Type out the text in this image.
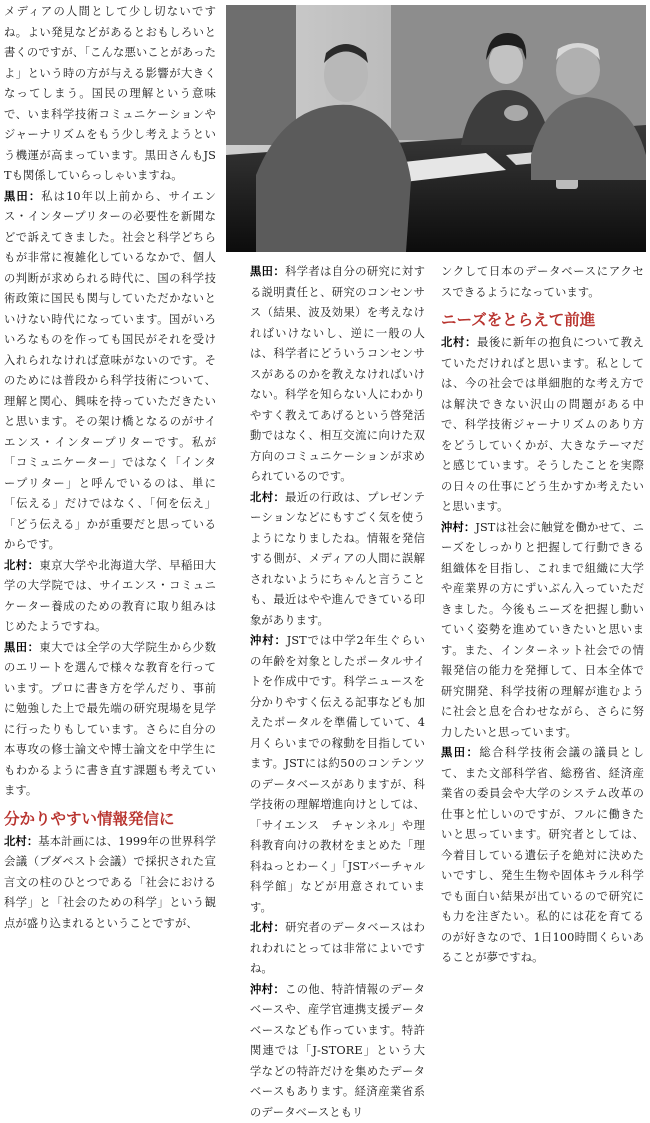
メディアの人間として少し切ないですね。よい発見などがあるとおもしろいと書くのですが、「こんな悪いことがあったよ」という時の方が与える影響が大きくなってしまう。国民の理解という意味で、いま科学技術コミュニケーションやジャーナリズムをもう少し考えようという機運が高まっています。黒田さんもJSTも関係していらっしゃいますね。

黒田：私は10年以上前から、サイエンス・インタープリターの必要性を新聞などで訴えてきました。社会と科学どちらもが非常に複雑化しているなかで、個人の判断が求められる時代に、国の科学技術政策に国民も関与していただかないといけない時代になっています。国がいろいろなものを作っても国民がそれを受け入れられなければ意味がないのです。そのためには普段から科学技術について、理解と関心、興味を持っていただきたいと思います。その架け橋となるのがサイエンス・インタープリターです。私が「コミュニケーター」ではなく「インタープリター」と呼んでいるのは、単に「伝える」だけではなく、「何を伝え」「どう伝える」かが重要だと思っているからです。

北村：東京大学や北海道大学、早稲田大学の大学院では、サイエンス・コミュニケーター養成のための教育に取り組みはじめたようですね。

黒田：東大では全学の大学院生から少数のエリートを選んで様々な教育を行っています。プロに書き方を学んだり、事前に勉強した上で最先端の研究現場を見学に行ったりもしています。さらに自分の本専攻の修士論文や博士論文を中学生にもわかるように書き直す課題も考えています。

分かりやすい情報発信に

北村：基本計画には、1999年の世界科学会議（ブダペスト会議）で採択された宣言文の柱のひとつである「社会における科学」と「社会のための科学」という観点が盛り込まれるということですが、

黒田：科学者は自分の研究に対する説明責任と、研究のコンセンサス（結果、波及効果）を考えなければいけないし、逆に一般の人は、科学者にどういうコンセンサスがあるのかを教えなければいけない。科学を知らない人にわかりやすく教えてあげるという啓発活動ではなく、相互交流に向けた双方向のコミュニケーションが求められているのです。

北村：最近の行政は、プレゼンテーションなどにもすごく気を使うようになりましたね。情報を発信する側が、メディアの人間に誤解されないようにちゃんと言うことも、最近はやや進んできている印象があります。

沖村：JSTでは中学2年生ぐらいの年齢を対象としたポータルサイトを作成中です。科学ニュースを分かりやすく伝える記事なども加えたポータルを準備していて、4月くらいまでの稼動を目指しています。JSTには約50のコンテンツのデータベースがありますが、科学技術の理解増進向けとしては、「サイエンス　チャンネル」や理科教育向けの教材をまとめた「理科ねっとわーく」「JSTバーチャル科学館」などが用意されています。

北村：研究者のデータベースはわれわれにとっては非常によいですね。

沖村：この他、特許情報のデータベースや、産学官連携支援データベースなども作っています。特許関連では「J-STORE」という大学などの特許だけを集めたデータベースもあります。経済産業省系のデータベースともリ

ンクして日本のデータベースにアクセスできるようになっています。

ニーズをとらえて前進

北村：最後に新年の抱負について教えていただければと思います。私としては、今の社会では単細胞的な考え方では解決できない沢山の問題がある中で、科学技術ジャーナリズムのあり方をどうしていくかが、大きなテーマだと感じています。そうしたことを実際の日々の仕事にどう生かすか考えたいと思います。

沖村：JSTは社会に触覚を働かせて、ニーズをしっかりと把握して行動できる組織体を目指し、これまで組織に大学や産業界の方にずいぶん入っていただきました。今後もニーズを把握し動いていく姿勢を進めていきたいと思います。また、インターネット社会での情報発信の能力を発揮して、日本全体で研究開発、科学技術の理解が進むように社会と息を合わせながら、さらに努力したいと思っています。

黒田：総合科学技術会議の議員として、また文部科学省、総務省、経済産業省の委員会や大学のシステム改革の仕事と忙しいのですが、フルに働きたいと思っています。研究者としては、今着目している遺伝子を絶対に決めたいですし、発生生物や固体キラル科学でも面白い結果が出ているので研究にも力を注ぎたい。私的には花を育てるのが好きなので、1日100時間くらいあることが夢ですね。
